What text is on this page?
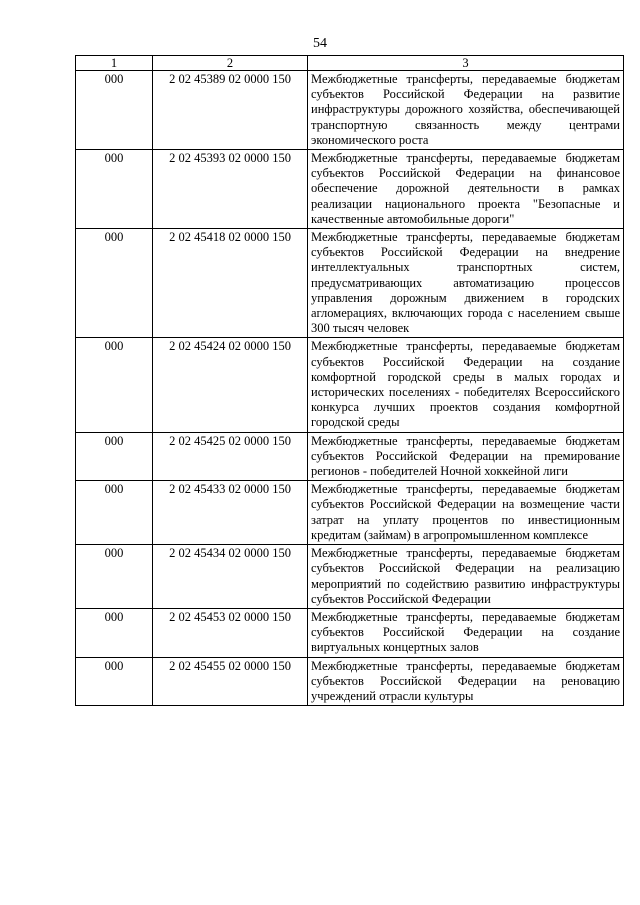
54
1	2	3
000	2 02 45389 02 0000 150	Межбюджетные трансферты, передаваемые бюджетам субъектов Российской Федерации на развитие инфраструктуры дорожного хозяйства, обеспечивающей транспортную связанность между центрами экономического роста
000	2 02 45393 02 0000 150	Межбюджетные трансферты, передаваемые бюджетам субъектов Российской Федерации на финансовое обеспечение дорожной деятельности в рамках реализации национального проекта "Безопасные и качественные автомобильные дороги"
000	2 02 45418 02 0000 150	Межбюджетные трансферты, передаваемые бюджетам субъектов Российской Федерации на внедрение интеллектуальных транспортных систем, предусматривающих автоматизацию процессов управления дорожным движением в городских агломерациях, включающих города с населением свыше 300 тысяч человек
000	2 02 45424 02 0000 150	Межбюджетные трансферты, передаваемые бюджетам субъектов Российской Федерации на создание комфортной городской среды в малых городах и исторических поселениях - победителях Всероссийского конкурса лучших проектов создания комфортной городской среды
000	2 02 45425 02 0000 150	Межбюджетные трансферты, передаваемые бюджетам субъектов Российской Федерации на премирование регионов - победителей Ночной хоккейной лиги
000	2 02 45433 02 0000 150	Межбюджетные трансферты, передаваемые бюджетам субъектов Российской Федерации на возмещение части затрат на уплату процентов по инвестиционным кредитам (займам) в агропромышленном комплексе
000	2 02 45434 02 0000 150	Межбюджетные трансферты, передаваемые бюджетам субъектов Российской Федерации на реализацию мероприятий по содействию развитию инфраструктуры субъектов Российской Федерации
000	2 02 45453 02 0000 150	Межбюджетные трансферты, передаваемые бюджетам субъектов Российской Федерации на создание виртуальных концертных залов
000	2 02 45455 02 0000 150	Межбюджетные трансферты, передаваемые бюджетам субъектов Российской Федерации на реновацию учреждений отрасли культуры
